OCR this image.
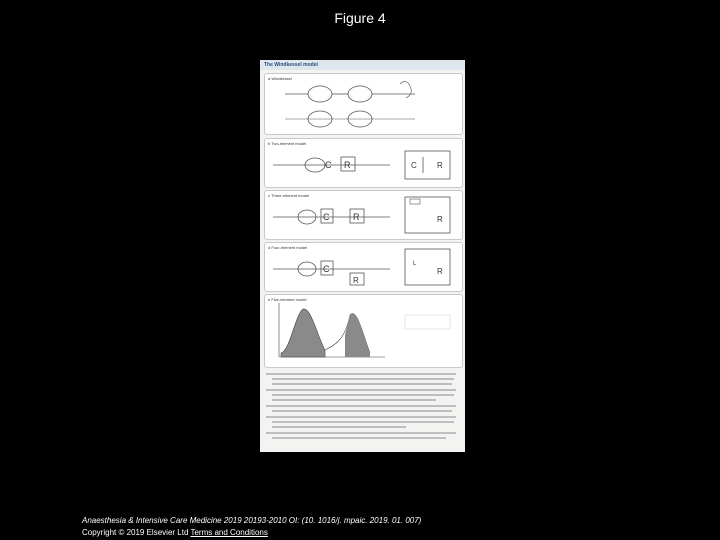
Figure 4
The Windkessel model
a Windkessel
b Two-element model
C R	C	R
c Three-element model
C	R	R
d Four-element model
C
R
L
R
e Five-element model
Anaesthesia & Intensive Care Medicine 2019 20193-2010 OI: (10. 1016/j. mpaic. 2019. 01. 007)
Copyright © 2019 Elsevier Ltd Terms and Conditions
